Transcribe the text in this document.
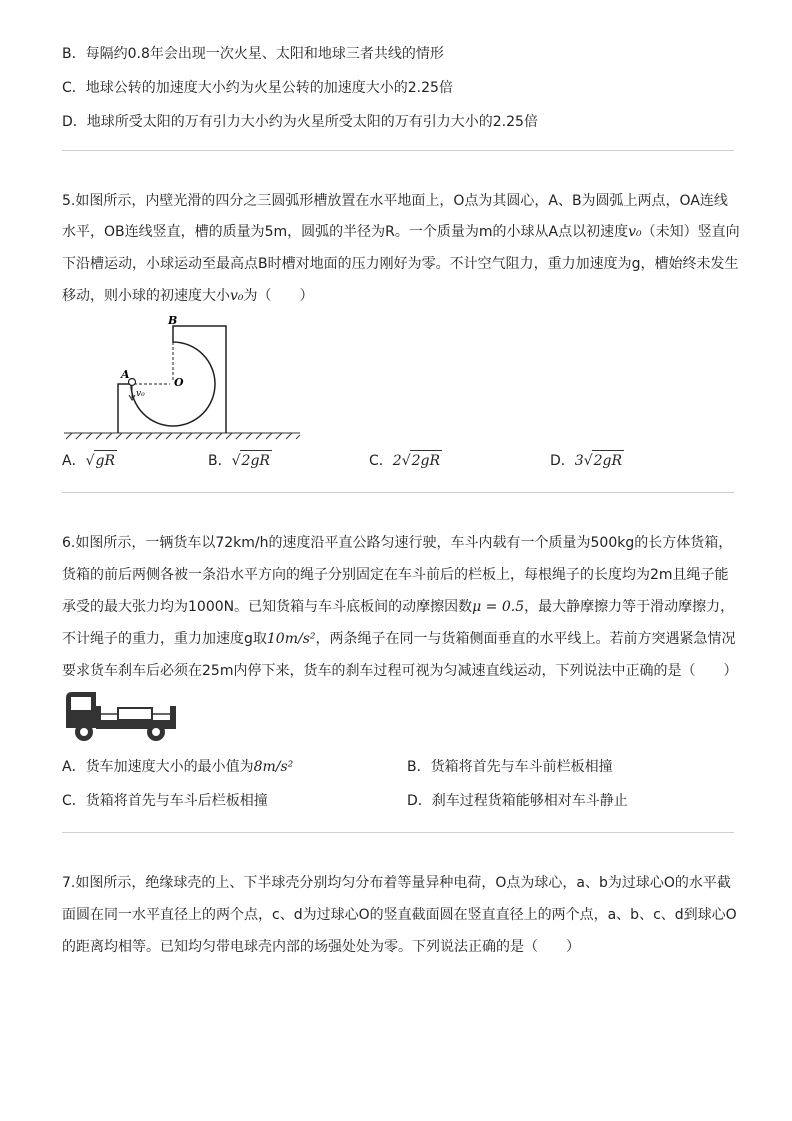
B．每隔约0.8年会出现一次火星、太阳和地球三者共线的情形
C．地球公转的加速度大小约为火星公转的加速度大小的2.25倍
D．地球所受太阳的万有引力大小约为火星所受太阳的万有引力大小的2.25倍
5.如图所示，内壁光滑的四分之三圆弧形槽放置在水平地面上，O点为其圆心，A、B为圆弧上两点，OA连线
水平，OB连线竖直，槽的质量为5m，圆弧的半径为R。一个质量为m的小球从A点以初速度v₀（未知）竖直向
下沿槽运动，小球运动至最高点B时槽对地面的压力刚好为零。不计空气阻力，重力加速度为g，槽始终未发生
移动，则小球的初速度大小v₀为（　　）
B
A
O
v₀
A．√gR	B．√2gR	C．2√2gR	D．3√2gR
6.如图所示，一辆货车以72km/h的速度沿平直公路匀速行驶，车斗内载有一个质量为500kg的长方体货箱，
货箱的前后两侧各被一条沿水平方向的绳子分别固定在车斗前后的栏板上，每根绳子的长度均为2m且绳子能
承受的最大张力均为1000N。已知货箱与车斗底板间的动摩擦因数μ = 0.5，最大静摩擦力等于滑动摩擦力，
不计绳子的重力，重力加速度g取10m/s²，两条绳子在同一与货箱侧面垂直的水平线上。若前方突遇紧急情况
要求货车刹车后必须在25m内停下来，货车的刹车过程可视为匀减速直线运动，下列说法中正确的是（　　）
A．货车加速度大小的最小值为8m/s²	B．货箱将首先与车斗前栏板相撞
C．货箱将首先与车斗后栏板相撞	D．刹车过程货箱能够相对车斗静止
7.如图所示，绝缘球壳的上、下半球壳分别均匀分布着等量异种电荷，O点为球心，a、b为过球心O的水平截
面圆在同一水平直径上的两个点，c、d为过球心O的竖直截面圆在竖直直径上的两个点，a、b、c、d到球心O
的距离均相等。已知均匀带电球壳内部的场强处处为零。下列说法正确的是（　　）
